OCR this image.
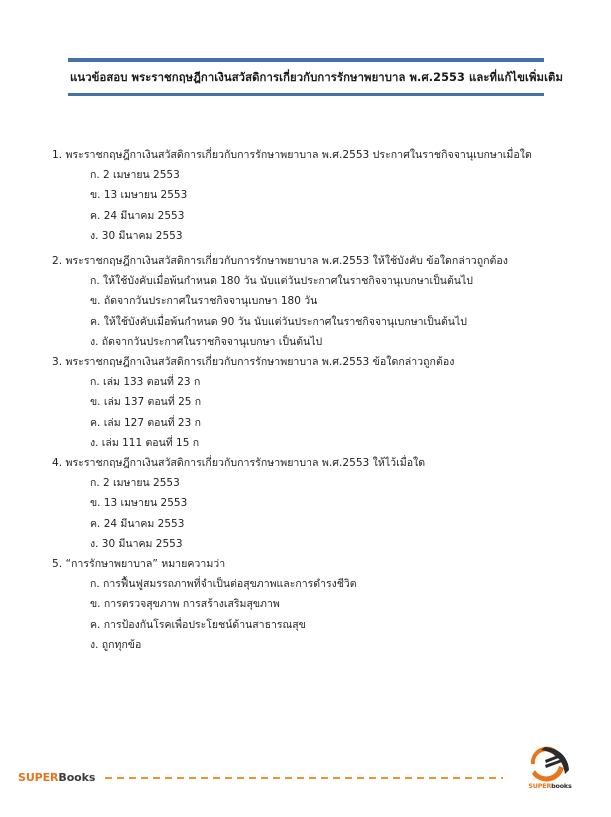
แนวข้อสอบ พระราชกฤษฎีกาเงินสวัสดิการเกี่ยวกับการรักษาพยาบาล พ.ศ.2553 และที่แก้ไขเพิ่มเติม
1. พระราชกฤษฎีกาเงินสวัสดิการเกี่ยวกับการรักษาพยาบาล พ.ศ.2553 ประกาศในราชกิจจานุเบกษาเมื่อใด
ก. 2 เมษายน 2553
ข. 13 เมษายน 2553
ค. 24 มีนาคม 2553
ง. 30 มีนาคม 2553
2. พระราชกฤษฎีกาเงินสวัสดิการเกี่ยวกับการรักษาพยาบาล พ.ศ.2553 ให้ใช้บังคับ ข้อใดกล่าวถูกต้อง
ก. ให้ใช้บังคับเมื่อพ้นกำหนด 180 วัน นับแต่วันประกาศในราชกิจจานุเบกษาเป็นต้นไป
ข. ถัดจากวันประกาศในราชกิจจานุเบกษา 180 วัน
ค. ให้ใช้บังคับเมื่อพ้นกำหนด 90 วัน นับแต่วันประกาศในราชกิจจานุเบกษาเป็นต้นไป
ง. ถัดจากวันประกาศในราชกิจจานุเบกษา เป็นต้นไป
3. พระราชกฤษฎีกาเงินสวัสดิการเกี่ยวกับการรักษาพยาบาล พ.ศ.2553 ข้อใดกล่าวถูกต้อง
ก. เล่ม 133 ตอนที่ 23 ก
ข. เล่ม 137 ตอนที่ 25 ก
ค. เล่ม 127 ตอนที่ 23 ก
ง. เล่ม 111 ตอนที่ 15 ก
4. พระราชกฤษฎีกาเงินสวัสดิการเกี่ยวกับการรักษาพยาบาล พ.ศ.2553 ให้ไว้เมื่อใด
ก. 2 เมษายน 2553
ข. 13 เมษายน 2553
ค. 24 มีนาคม 2553
ง. 30 มีนาคม 2553
5. “การรักษาพยาบาล” หมายความว่า
ก. การฟื้นฟูสมรรถภาพที่จำเป็นต่อสุขภาพและการดำรงชีวิต
ข. การตรวจสุขภาพ การสร้างเสริมสุขภาพ
ค. การป้องกันโรคเพื่อประโยชน์ด้านสาธารณสุข
ง. ถูกทุกข้อ
SUPERBooks
SUPERbooks
